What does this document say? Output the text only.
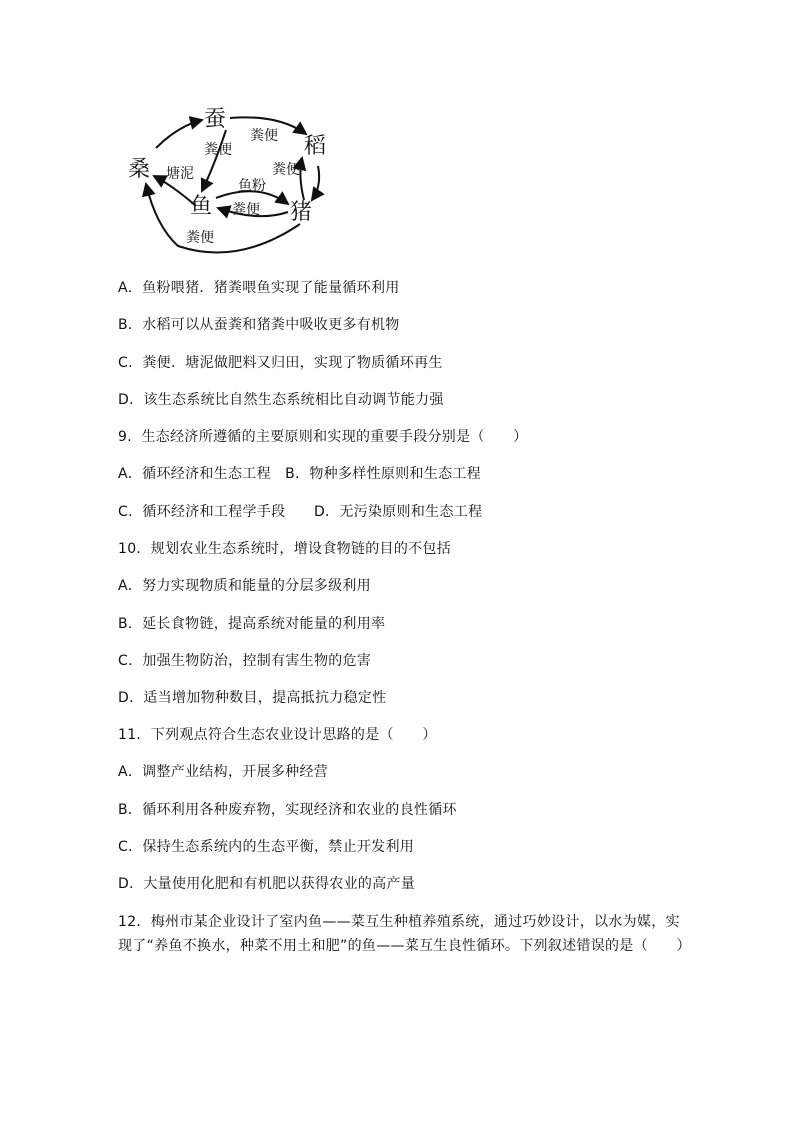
蚕
稻
桑
鱼	猪
粪便
粪便
塘泥	粪便
鱼粉
粪便
粪便
A．鱼粉喂猪．猪粪喂鱼实现了能量循环利用
B．水稻可以从蚕粪和猪粪中吸收更多有机物
C．粪便．塘泥做肥料又归田，实现了物质循环再生
D．该生态系统比自然生态系统相比自动调节能力强
9．生态经济所遵循的主要原则和实现的重要手段分别是（　　）
A．循环经济和生态工程　B．物种多样性原则和生态工程
C．循环经济和工程学手段　　D．无污染原则和生态工程
10．规划农业生态系统时，增设食物链的目的不包括
A．努力实现物质和能量的分层多级利用
B．延长食物链，提高系统对能量的利用率
C．加强生物防治，控制有害生物的危害
D．适当增加物种数目，提高抵抗力稳定性
11．下列观点符合生态农业设计思路的是（　　）
A．调整产业结构，开展多种经营
B．循环利用各种废弃物，实现经济和农业的良性循环
C．保持生态系统内的生态平衡，禁止开发利用
D．大量使用化肥和有机肥以获得农业的高产量
12．梅州市某企业设计了室内鱼——菜互生种植养殖系统，通过巧妙设计，以水为媒，实现了“养鱼不换水，种菜不用土和肥”的鱼——菜互生良性循环。下列叙述错误的是（　　）
